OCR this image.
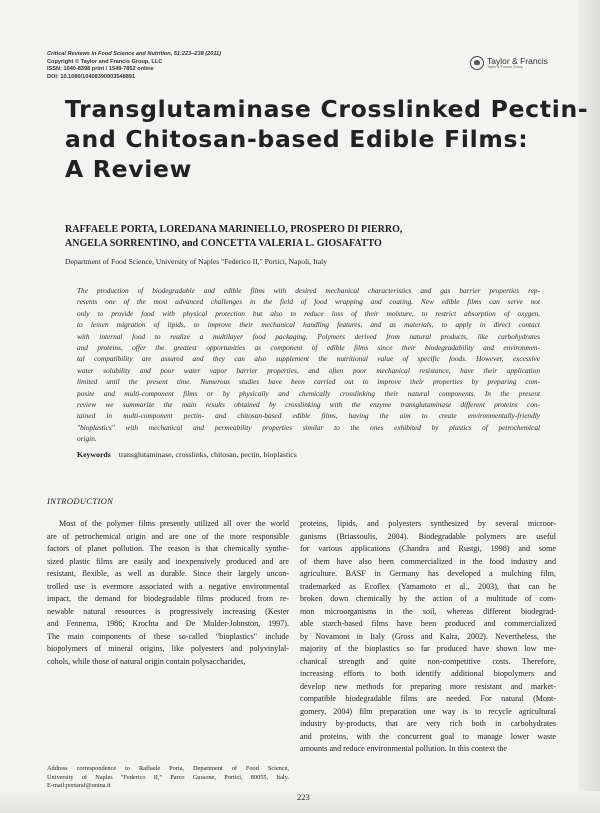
Critical Reviews in Food Science and Nutrition, 51:223–238 (2011)
Copyright © Taylor and Francis Group, LLC
ISSN: 1040-8398 print / 1549-7852 online
DOI: 10.1080/10408390903548891
Taylor & Francis
Taylor & Francis Group
Transglutaminase Crosslinked Pectin-
and Chitosan-based Edible Films:
A Review
RAFFAELE PORTA, LOREDANA MARINIELLO, PROSPERO DI PIERRO,
ANGELA SORRENTINO, and CONCETTA VALERIA L. GIOSAFATTO
Department of Food Science, University of Naples "Federico II," Portici, Napoli, Italy
The production of biodegradable and edible films with desired mechanical characteristics and gas barrier properties rep-
resents one of the most advanced challenges in the field of food wrapping and coating. New edible films can serve not
only to provide food with physical protection but also to reduce loss of their moisture, to restrict absorption of oxygen,
to lessen migration of lipids, to improve their mechanical handling features, and as materials, to apply in direct contact
with internal food to realize a multilayer food packaging. Polymers derived from natural products, like carbohydrates
and proteins, offer the greatest opportunities as component of edible films since their biodegradability and environmen-
tal compatibility are assured and they can also supplement the nutritional value of specific foods. However, excessive
water solubility and poor water vapor barrier properties, and often poor mechanical resistance, have their application
limited until the present time. Numerous studies have been carried out to improve their properties by preparing com-
posite and multi-component films or by physically and chemically crosslinking their natural components. In the present
review we summarize the main results obtained by crosslinking with the enzyme transglutaminase different proteins con-
tained in multi-component pectin- and chitosan-based edible films, having the aim to create environmentally-friendly
"bioplastics" with mechanical and permeability properties similar to the ones exhibited by plastics of petrochemical
origin.
Keywords transglutaminase, crosslinks, chitosan, pectin, bioplastics
INTRODUCTION
Most of the polymer films presently utilized all over the world
are of petrochemical origin and are one of the more responsible
factors of planet pollution. The reason is that chemically synthe-
sized plastic films are easily and inexpensively produced and are
resistant, flexible, as well as durable. Since their largely uncon-
trolled use is evermore associated with a negative environmental
impact, the demand for biodegradable films produced from re-
newable natural resources is progressively increasing (Kester
and Fennema, 1986; Krochta and De Mulder-Johnston, 1997).
The main components of these so-called "bioplastics" include
biopolymers of mineral origins, like polyesters and polyvinylal-
cohols, while those of natural origin contain polysaccharides,
proteins, lipids, and polyesters synthesized by several microor-
ganisms (Briassoulis, 2004). Biodegradable polymers are useful
for various applications (Chandra and Rustgi, 1998) and some
of them have also been commercialized in the food industry and
agriculture. BASF in Germany has developed a mulching film,
trademarked as Ecoflex (Yamamoto et al., 2003), that can be
broken down chemically by the action of a multitude of com-
mon microorganisms in the soil, whereas different biodegrad-
able starch-based films have been produced and commercialized
by Novamont in Italy (Gross and Kalra, 2002). Nevertheless, the
majority of the bioplastics so far produced have shown low me-
chanical strength and quite non-competitive costs. Therefore,
increasing efforts to both identify additional biopolymers and
develop new methods for preparing more resistant and market-
compatible biodegradable films are needed. For natural (Mont-
gomery, 2004) film preparation one way is to recycle agricultural
industry by-products, that are very rich both in carbohydrates
and proteins, with the concurrent goal to manage lower waste
amounts and reduce environmental pollution. In this context the
Address correspondence to Raffaele Porta, Department of Food Science,
University of Naples "Federico II," Parco Gussone, Portici, 80055, Italy.
E-mail:portaraf@unina.it
223
